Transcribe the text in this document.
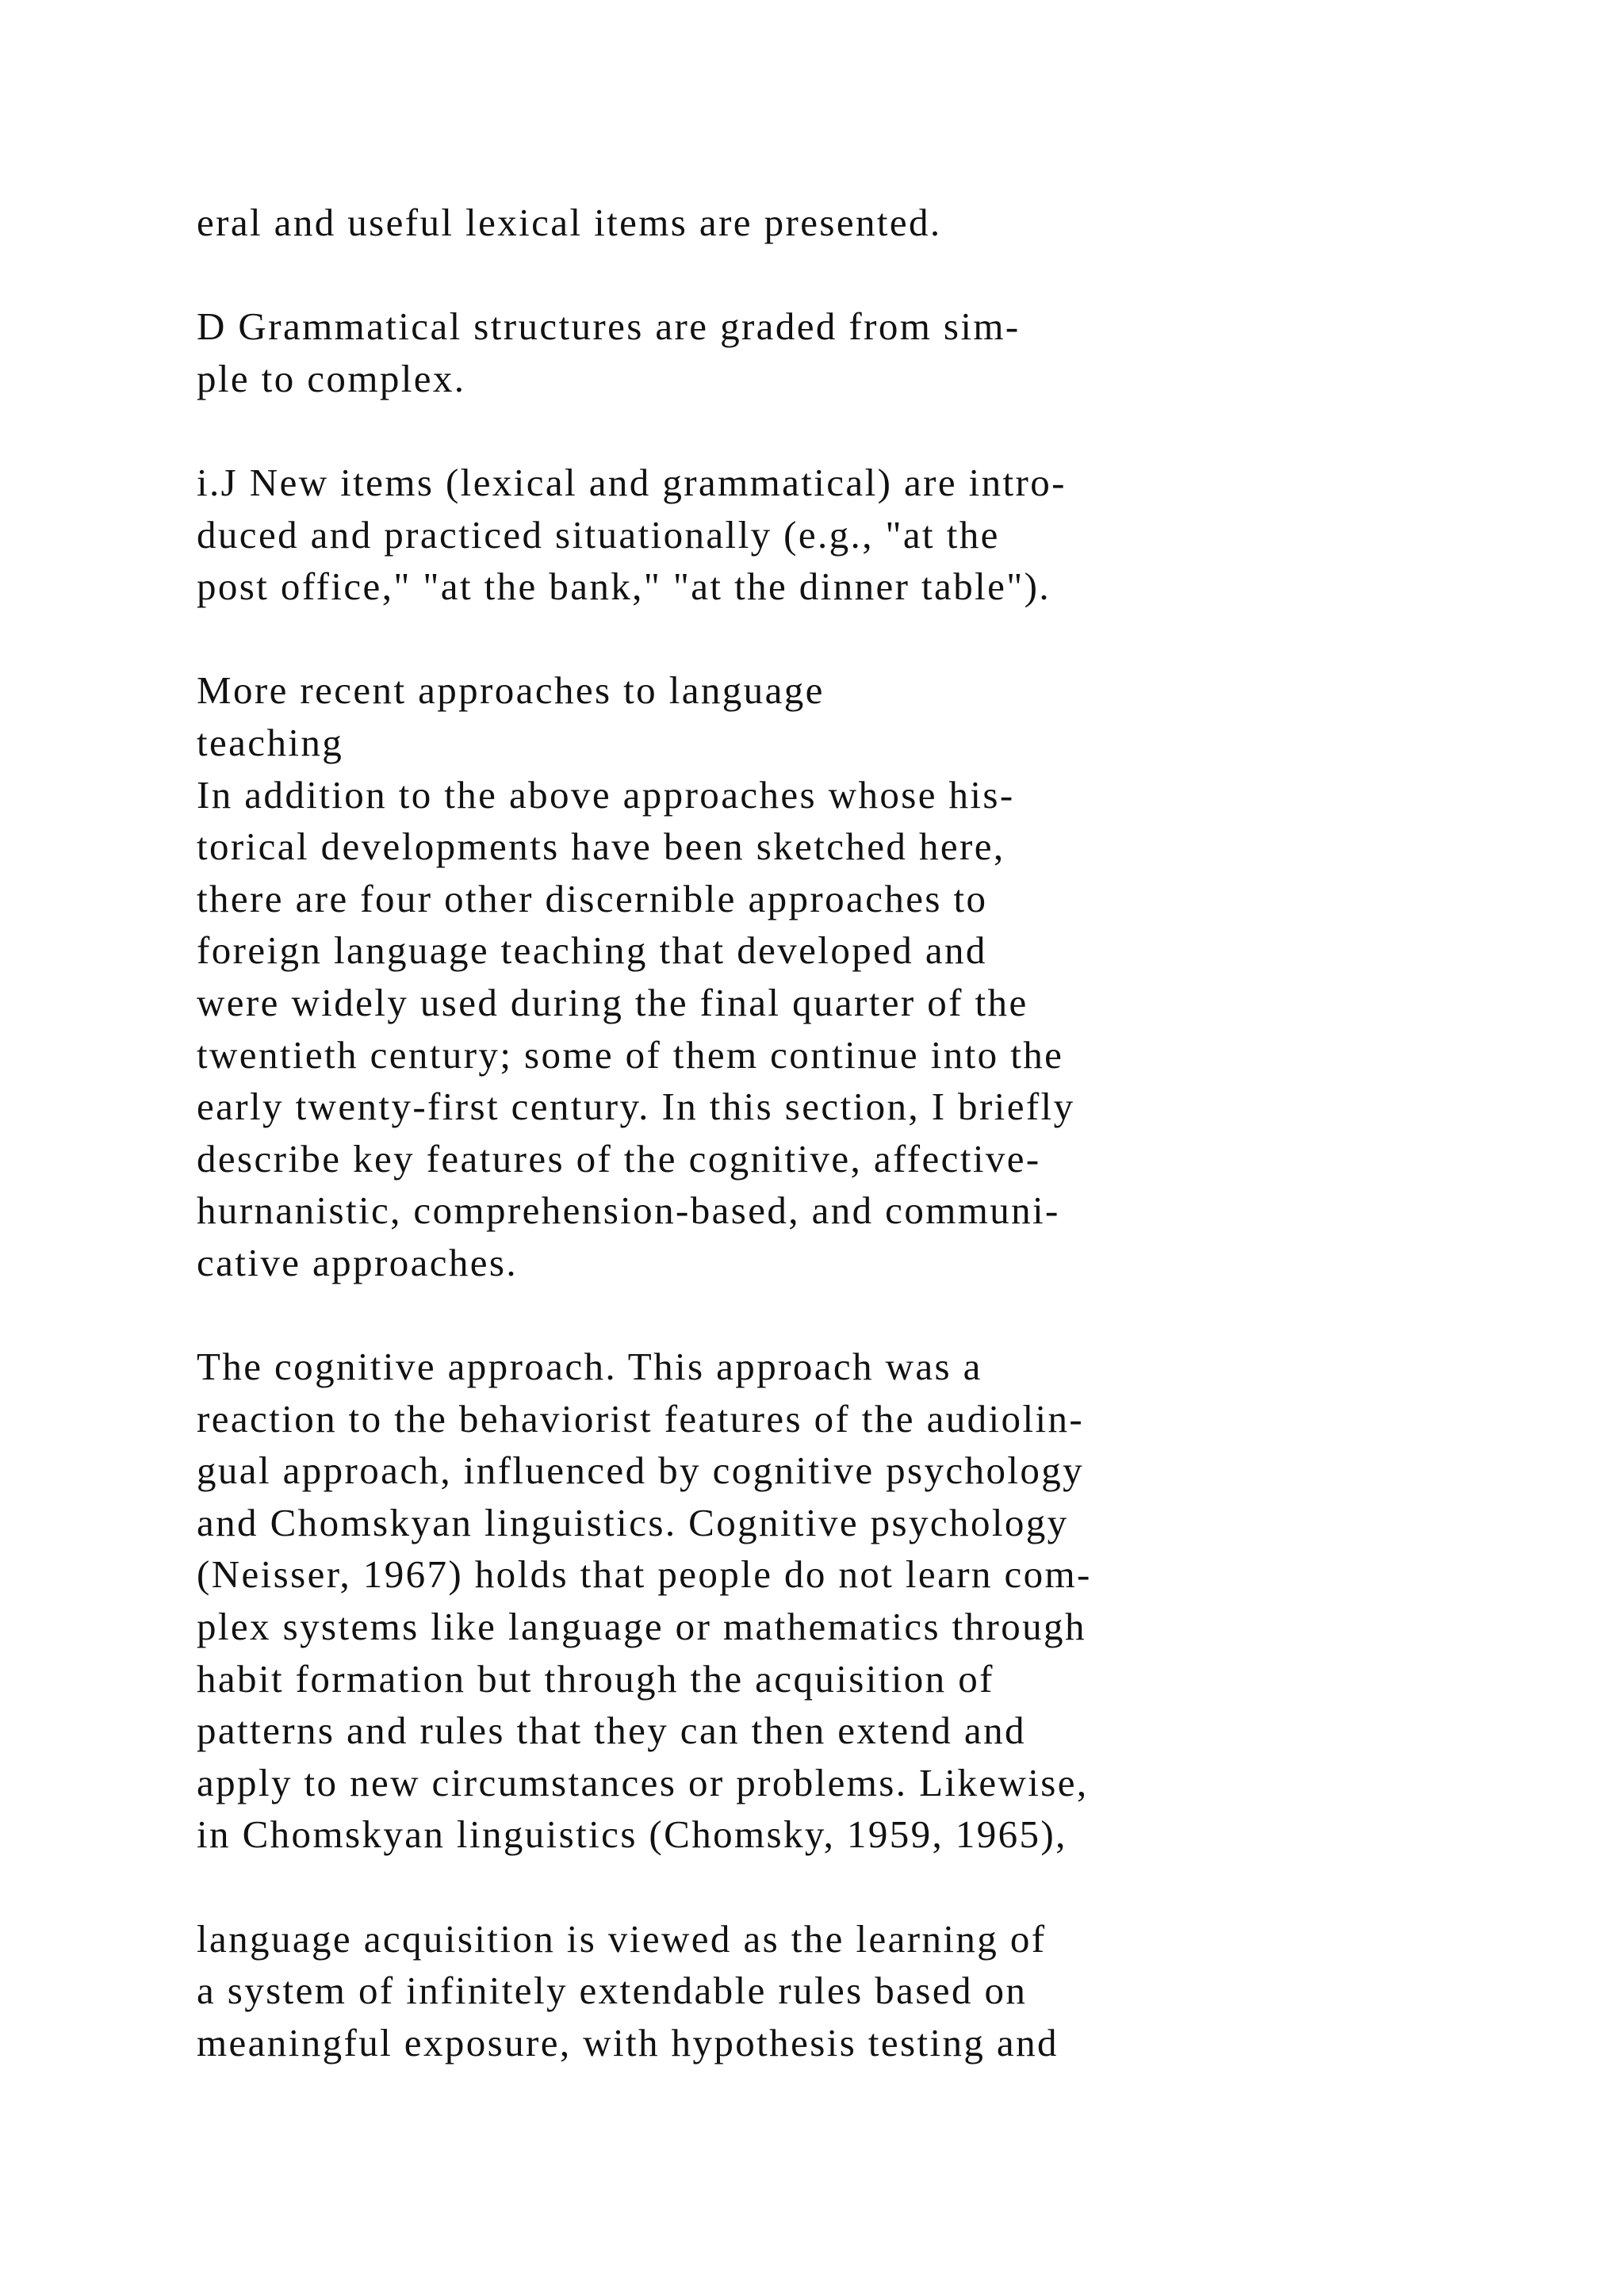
eral and useful lexical items are presented.
D Grammatical structures are graded from sim-
ple to complex.
i.J New items (lexical and grammatical) are intro-
duced and practiced situationally (e.g., "at the
post office," "at the bank," "at the dinner table").
More recent approaches to language
teaching
In addition to the above approaches whose his-
torical developments have been sketched here,
there are four other discernible approaches to
foreign language teaching that developed and
were widely used during the final quarter of the
twentieth century; some of them continue into the
early twenty-first century. In this section, I briefly
describe key features of the cognitive, affective-
hurnanistic, comprehension-based, and communi-
cative approaches.
The cognitive approach. This approach was a
reaction to the behaviorist features of the audiolin-
gual approach, influenced by cognitive psychology
and Chomskyan linguistics. Cognitive psychology
(Neisser, 1967) holds that people do not learn com-
plex systems like language or mathematics through
habit formation but through the acquisition of
patterns and rules that they can then extend and
apply to new circumstances or problems. Likewise,
in Chomskyan linguistics (Chomsky, 1959, 1965),
language acquisition is viewed as the learning of
a system of infinitely extendable rules based on
meaningful exposure, with hypothesis testing and
